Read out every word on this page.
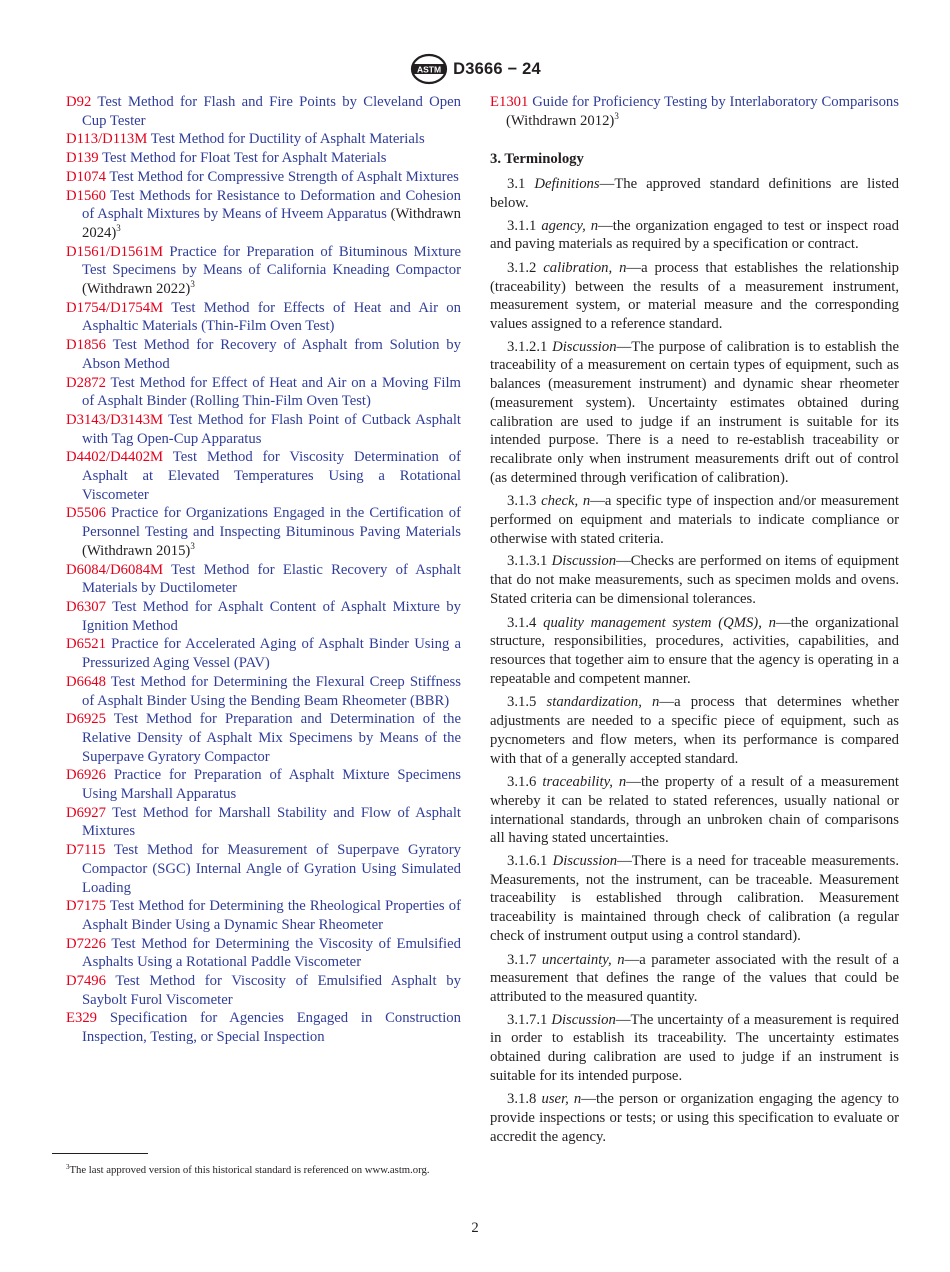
ASTM D3666 − 24

D92 Test Method for Flash and Fire Points by Cleveland Open Cup Tester

D113/D113M Test Method for Ductility of Asphalt Materials

D139 Test Method for Float Test for Asphalt Materials

D1074 Test Method for Compressive Strength of Asphalt Mixtures

D1560 Test Methods for Resistance to Deformation and Cohesion of Asphalt Mixtures by Means of Hveem Apparatus (Withdrawn 2024)$^3$

D1561/D1561M Practice for Preparation of Bituminous Mixture Test Specimens by Means of California Kneading Compactor (Withdrawn 2022)$^3$

D1754/D1754M Test Method for Effects of Heat and Air on Asphaltic Materials (Thin-Film Oven Test)

D1856 Test Method for Recovery of Asphalt from Solution by Abson Method

D2872 Test Method for Effect of Heat and Air on a Moving Film of Asphalt Binder (Rolling Thin-Film Oven Test)

D3143/D3143M Test Method for Flash Point of Cutback Asphalt with Tag Open-Cup Apparatus

D4402/D4402M Test Method for Viscosity Determination of Asphalt at Elevated Temperatures Using a Rotational Viscometer

D5506 Practice for Organizations Engaged in the Certification of Personnel Testing and Inspecting Bituminous Paving Materials (Withdrawn 2015)$^3$

D6084/D6084M Test Method for Elastic Recovery of Asphalt Materials by Ductilometer

D6307 Test Method for Asphalt Content of Asphalt Mixture by Ignition Method

D6521 Practice for Accelerated Aging of Asphalt Binder Using a Pressurized Aging Vessel (PAV)

D6648 Test Method for Determining the Flexural Creep Stiffness of Asphalt Binder Using the Bending Beam Rheometer (BBR)

D6925 Test Method for Preparation and Determination of the Relative Density of Asphalt Mix Specimens by Means of the Superpave Gyratory Compactor

D6926 Practice for Preparation of Asphalt Mixture Specimens Using Marshall Apparatus

D6927 Test Method for Marshall Stability and Flow of Asphalt Mixtures

D7115 Test Method for Measurement of Superpave Gyratory Compactor (SGC) Internal Angle of Gyration Using Simulated Loading

D7175 Test Method for Determining the Rheological Properties of Asphalt Binder Using a Dynamic Shear Rheometer

D7226 Test Method for Determining the Viscosity of Emulsified Asphalts Using a Rotational Paddle Viscometer

D7496 Test Method for Viscosity of Emulsified Asphalt by Saybolt Furol Viscometer

E329 Specification for Agencies Engaged in Construction Inspection, Testing, or Special Inspection

E1301 Guide for Proficiency Testing by Interlaboratory Comparisons (Withdrawn 2012)$^3$

3. Terminology

3.1 Definitions—The approved standard definitions are listed below.

3.1.1 agency, n—the organization engaged to test or inspect road and paving materials as required by a specification or contract.

3.1.2 calibration, n—a process that establishes the relationship (traceability) between the results of a measurement instrument, measurement system, or material measure and the corresponding values assigned to a reference standard.

3.1.2.1 Discussion—The purpose of calibration is to establish the traceability of a measurement on certain types of equipment, such as balances (measurement instrument) and dynamic shear rheometer (measurement system). Uncertainty estimates obtained during calibration are used to judge if an instrument is suitable for its intended purpose. There is a need to re-establish traceability or recalibrate only when instrument measurements drift out of control (as determined through verification of calibration).

3.1.3 check, n—a specific type of inspection and/or measurement performed on equipment and materials to indicate compliance or otherwise with stated criteria.

3.1.3.1 Discussion—Checks are performed on items of equipment that do not make measurements, such as specimen molds and ovens. Stated criteria can be dimensional tolerances.

3.1.4 quality management system (QMS), n—the organizational structure, responsibilities, procedures, activities, capabilities, and resources that together aim to ensure that the agency is operating in a repeatable and competent manner.

3.1.5 standardization, n—a process that determines whether adjustments are needed to a specific piece of equipment, such as pycnometers and flow meters, when its performance is compared with that of a generally accepted standard.

3.1.6 traceability, n—the property of a result of a measurement whereby it can be related to stated references, usually national or international standards, through an unbroken chain of comparisons all having stated uncertainties.

3.1.6.1 Discussion—There is a need for traceable measurements. Measurements, not the instrument, can be traceable. Measurement traceability is established through calibration. Measurement traceability is maintained through check of calibration (a regular check of instrument output using a control standard).

3.1.7 uncertainty, n—a parameter associated with the result of a measurement that defines the range of the values that could be attributed to the measured quantity.

3.1.7.1 Discussion—The uncertainty of a measurement is required in order to establish its traceability. The uncertainty estimates obtained during calibration are used to judge if an instrument is suitable for its intended purpose.

3.1.8 user, n—the person or organization engaging the agency to provide inspections or tests; or using this specification to evaluate or accredit the agency.

$^3$The last approved version of this historical standard is referenced on www.astm.org.
2
